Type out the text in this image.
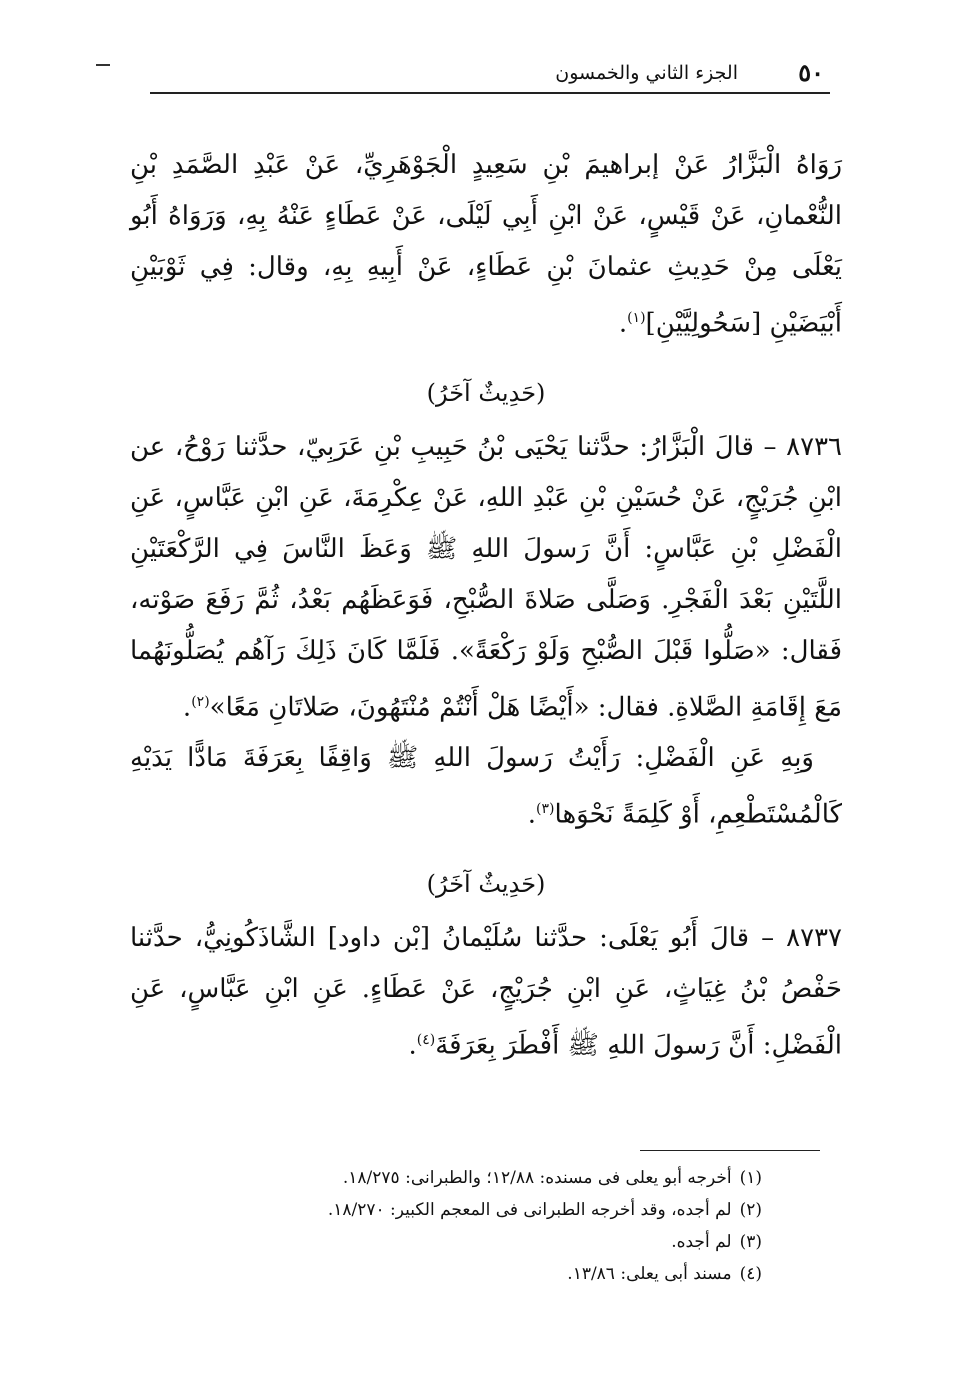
٥٠
الجزء الثاني والخمسون

رَوَاهُ الْبَزَّارُ عَنْ إبراهيمَ بْنِ سَعِيدٍ الْجَوْهَرِيِّ، عَنْ عَبْدِ الصَّمَدِ بْنِ النُّعْمانِ، عَنْ قَيْسٍ، عَنْ ابْنِ أَبِي لَيْلَى، عَنْ عَطَاءٍ عَنْهُ بِهِ، وَرَوَاهُ أَبُو يَعْلَى مِنْ حَدِيثِ عثمانَ بْنِ عَطَاءٍ، عَنْ أَبِيهِ بِهِ، وقال: فِي ثَوْبَيْنِ أَبْيَضَيْنِ [سَحُولِيَّيْنِ]$^{(١)}$.

(حَدِيثٌ آخَرُ)

٨٧٣٦ – قالَ الْبَزَّارُ: حدَّثنا يَحْيَى بْنُ حَبِيبِ بْنِ عَرَبِيّ، حدَّثنا رَوْحُ، عن ابْنِ جُرَيْجٍ، عَنْ حُسَيْنِ بْنِ عَبْدِ اللهِ، عَنْ عِكْرِمَةَ، عَنِ ابْنِ عَبَّاسٍ، عَنِ الْفَضْلِ بْنِ عَبَّاسٍ: أَنَّ رَسولَ اللهِ ﷺ وَعَظَ النَّاسَ فِي الرَّكْعَتَيْنِ اللَّتَيْنِ بَعْدَ الْفَجْرِ. وَصَلَّى صَلاةَ الصُّبْحِ، فَوَعَظَهُم بَعْدُ، ثُمَّ رَفَعَ صَوْته، فَقال: «صَلُّوا قَبْلَ الصُّبْحِ وَلَوْ رَكْعَةً». فَلَمَّا كَانَ ذَلِكَ رَآهُم يُصَلُّونَهُما مَعَ إِقَامَةِ الصَّلاةِ. فقال: «أَيْضًا هَلْ أَنْتُمْ مُنْتَهُونَ، صَلاتَانِ مَعًا»$^{(٢)}$.

وَبِهِ عَنِ الْفَضْلِ: رَأَيْتُ رَسولَ اللهِ ﷺ وَاقِفًا بِعَرَفَةَ مَادًّا يَدَيْهِ كَالْمُسْتَطْعِمِ، أَوْ كَلِمَةً نَحْوَها$^{(٣)}$.

(حَدِيثٌ آخَرُ)

٨٧٣٧ – قالَ أَبُو يَعْلَى: حدَّثنا سُلَيْمانُ [بْن داود] الشَّاذَكُونِيُّ، حدَّثنا حَفْصُ بْنُ غِيَاثٍ، عَنِ ابْنِ جُرَيْجٍ، عَنْ عَطَاءٍ. عَنِ ابْنِ عَبَّاسٍ، عَنِ الْفَضْلِ: أَنَّ رَسولَ اللهِ ﷺ أَفْطَرَ بِعَرَفَةَ$^{(٤)}$.

(١)أخرجه أبو يعلى فى مسنده: ١٢/٨٨؛ والطبرانى: ١٨/٢٧٥.
(٢)لم أجده، وقد أخرجه الطبرانى فى المعجم الكبير: ١٨/٢٧٠.
(٣)لم أجده.
(٤)مسند أبى يعلى: ١٣/٨٦.
